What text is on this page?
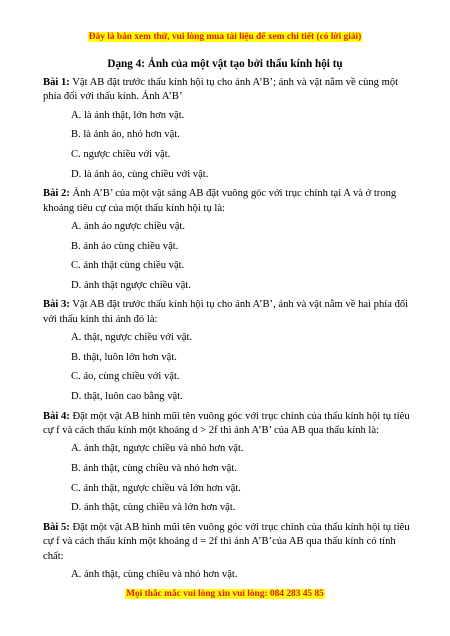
Đây là bản xem thử, vui lòng mua tài liệu để xem chi tiết (có lời giải)
Dạng 4: Ảnh của một vật tạo bởi thấu kính hội tụ

Bài 1: Vật AB đặt trước thấu kính hội tụ cho ảnh A’B’; ảnh và vật nằm về cùng một phía đối với thấu kính. Ảnh A’B’

A. là ảnh thật, lớn hơn vật.
B. là ảnh ảo, nhỏ hơn vật.
C. ngược chiều với vật.
D. là ảnh ảo, cùng chiều với vật.

Bài 2: Ảnh A’B’ của một vật sáng AB đặt vuông góc với trục chính tại A và ở trong khoảng tiêu cự của một thấu kính hội tụ là:

A. ảnh ảo ngược chiều vật.
B. ảnh ảo cùng chiều vật.
C. ảnh thật cùng chiều vật.
D. ảnh thật ngược chiều vật.

Bài 3: Vật AB đặt trước thấu kính hội tụ cho ảnh A’B’, ảnh và vật nằm về hai phía đối với thấu kính thì ảnh đó là:

A. thật, ngược chiều với vật.
B. thật, luôn lớn hơn vật.
C. ảo, cùng chiều với vật.
D. thật, luôn cao bằng vật.

Bài 4: Đặt một vật AB hình mũi tên vuông góc với trục chính của thấu kính hội tụ tiêu cự f và cách thấu kính một khoảng d > 2f thì ảnh A’B’ của AB qua thấu kính là:

A. ảnh thật, ngược chiều và nhỏ hơn vật.
B. ảnh thật, cùng chiều và nhỏ hơn vật.
C. ảnh thật, ngược chiều và lớn hơn vật.
D. ảnh thật, cùng chiều và lớn hơn vật.

Bài 5: Đặt một vật AB hình mũi tên vuông góc với trục chính của thấu kính hội tụ tiêu cự f và cách thấu kính một khoảng d = 2f thì ảnh A’B’của AB qua thấu kính có tính chất:

A. ảnh thật, cùng chiều và nhỏ hơn vật.
Mọi thắc mắc vui lòng xin vui lòng: 084 283 45 85
